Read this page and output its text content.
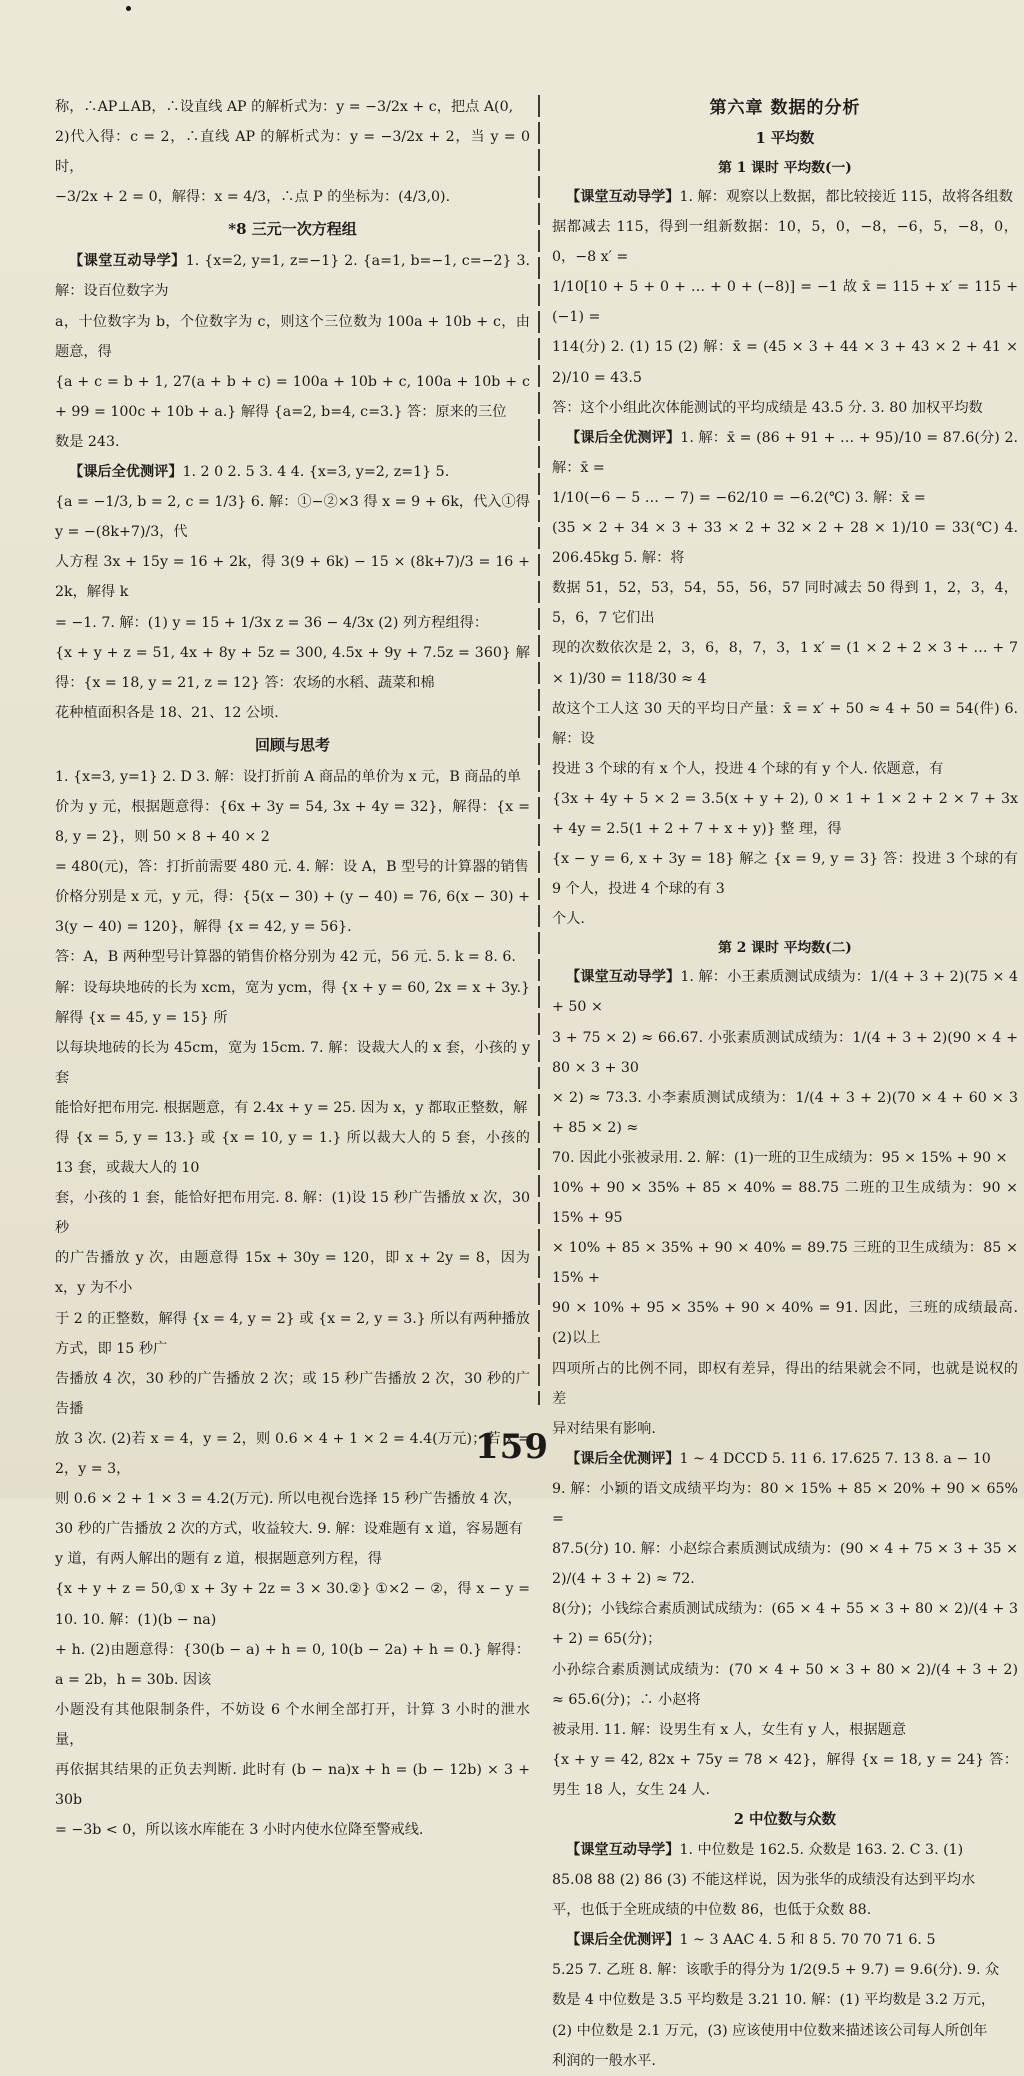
称，∴AP⊥AB，∴设直线 AP 的解析式为：y = −3/2x + c，把点 A(0,

2)代入得：c = 2，∴直线 AP 的解析式为：y = −3/2x + 2，当 y = 0 时，

−3/2x + 2 = 0，解得：x = 4/3，∴点 P 的坐标为：(4/3,0).

*8 三元一次方程组

【课堂互动导学】1. {x=2, y=1, z=−1} 2. {a=1, b=−1, c=−2} 3. 解：设百位数字为

a，十位数字为 b，个位数字为 c，则这个三位数为 100a + 10b + c，由题意，得

{a + c = b + 1, 27(a + b + c) = 100a + 10b + c, 100a + 10b + c + 99 = 100c + 10b + a.} 解得 {a=2, b=4, c=3.} 答：原来的三位

数是 243.

【课后全优测评】1. 2 0 2. 5 3. 4 4. {x=3, y=2, z=1} 5.

{a = −1/3, b = 2, c = 1/3} 6. 解：①−②×3 得 x = 9 + 6k，代入①得 y = −(8k+7)/3，代

人方程 3x + 15y = 16 + 2k，得 3(9 + 6k) − 15 × (8k+7)/3 = 16 + 2k，解得 k

= −1. 7. 解：(1) y = 15 + 1/3x z = 36 − 4/3x (2) 列方程组得：

{x + y + z = 51, 4x + 8y + 5z = 300, 4.5x + 9y + 7.5z = 360} 解得：{x = 18, y = 21, z = 12} 答：农场的水稻、蔬菜和棉

花种植面积各是 18、21、12 公顷.

回顾与思考

1. {x=3, y=1} 2. D 3. 解：设打折前 A 商品的单价为 x 元，B 商品的单

价为 y 元，根据题意得：{6x + 3y = 54, 3x + 4y = 32}，解得：{x = 8, y = 2}，则 50 × 8 + 40 × 2

= 480(元)，答：打折前需要 480 元. 4. 解：设 A，B 型号的计算器的销售

价格分别是 x 元，y 元，得：{5(x − 30) + (y − 40) = 76, 6(x − 30) + 3(y − 40) = 120}，解得 {x = 42, y = 56}.

答：A，B 两种型号计算器的销售价格分别为 42 元，56 元. 5. k = 8. 6.

解：设每块地砖的长为 xcm，宽为 ycm，得 {x + y = 60, 2x = x + 3y.} 解得 {x = 45, y = 15} 所

以每块地砖的长为 45cm，宽为 15cm. 7. 解：设裁大人的 x 套，小孩的 y 套

能恰好把布用完. 根据题意，有 2.4x + y = 25. 因为 x，y 都取正整数，解

得 {x = 5, y = 13.} 或 {x = 10, y = 1.} 所以裁大人的 5 套，小孩的 13 套，或裁大人的 10

套，小孩的 1 套，能恰好把布用完. 8. 解：(1)设 15 秒广告播放 x 次，30 秒

的广告播放 y 次，由题意得 15x + 30y = 120，即 x + 2y = 8，因为 x，y 为不小

于 2 的正整数，解得 {x = 4, y = 2} 或 {x = 2, y = 3.} 所以有两种播放方式，即 15 秒广

告播放 4 次，30 秒的广告播放 2 次；或 15 秒广告播放 2 次，30 秒的广告播

放 3 次. (2)若 x = 4，y = 2，则 0.6 × 4 + 1 × 2 = 4.4(万元)；若 x = 2，y = 3，

则 0.6 × 2 + 1 × 3 = 4.2(万元). 所以电视台选择 15 秒广告播放 4 次，

30 秒的广告播放 2 次的方式，收益较大. 9. 解：设难题有 x 道，容易题有

y 道，有两人解出的题有 z 道，根据题意列方程，得

{x + y + z = 50,① x + 3y + 2z = 3 × 30.②} ①×2 − ②，得 x − y = 10. 10. 解：(1)(b − na)

+ h. (2)由题意得：{30(b − a) + h = 0, 10(b − 2a) + h = 0.} 解得：a = 2b，h = 30b. 因该

小题没有其他限制条件，不妨设 6 个水闸全部打开，计算 3 小时的泄水量，

再依据其结果的正负去判断. 此时有 (b − na)x + h = (b − 12b) × 3 + 30b

= −3b < 0，所以该水库能在 3 小时内使水位降至警戒线.

第六章 数据的分析
1 平均数
第 1 课时 平均数(一)

【课堂互动导学】1. 解：观察以上数据，都比较接近 115，故将各组数

据都减去 115，得到一组新数据：10，5，0，−8，−6，5，−8，0，0，−8 x′ =

1/10[10 + 5 + 0 + … + 0 + (−8)] = −1 故 x̄ = 115 + x′ = 115 + (−1) =

114(分) 2. (1) 15 (2) 解：x̄ = (45 × 3 + 44 × 3 + 43 × 2 + 41 × 2)/10 = 43.5

答：这个小组此次体能测试的平均成绩是 43.5 分. 3. 80 加权平均数

【课后全优测评】1. 解：x̄ = (86 + 91 + … + 95)/10 = 87.6(分) 2. 解：x̄ =

1/10(−6 − 5 … − 7) = −62/10 = −6.2(℃) 3. 解：x̄ =

(35 × 2 + 34 × 3 + 33 × 2 + 32 × 2 + 28 × 1)/10 = 33(℃) 4. 206.45kg 5. 解：将

数据 51，52，53，54，55，56，57 同时减去 50 得到 1，2，3，4，5，6，7 它们出

现的次数依次是 2，3，6，8，7，3，1 x′ = (1 × 2 + 2 × 3 + … + 7 × 1)/30 = 118/30 ≈ 4

故这个工人这 30 天的平均日产量：x̄ = x′ + 50 ≈ 4 + 50 = 54(件) 6. 解：设

投进 3 个球的有 x 个人，投进 4 个球的有 y 个人. 依题意，有

{3x + 4y + 5 × 2 = 3.5(x + y + 2), 0 × 1 + 1 × 2 + 2 × 7 + 3x + 4y = 2.5(1 + 2 + 7 + x + y)} 整 理，得

{x − y = 6, x + 3y = 18} 解之 {x = 9, y = 3} 答：投进 3 个球的有 9 个人，投进 4 个球的有 3

个人.

第 2 课时 平均数(二)

【课堂互动导学】1. 解：小王素质测试成绩为：1/(4 + 3 + 2)(75 × 4 + 50 ×

3 + 75 × 2) ≈ 66.67. 小张素质测试成绩为：1/(4 + 3 + 2)(90 × 4 + 80 × 3 + 30

× 2) ≈ 73.3. 小李素质测试成绩为：1/(4 + 3 + 2)(70 × 4 + 60 × 3 + 85 × 2) ≈

70. 因此小张被录用. 2. 解：(1)一班的卫生成绩为：95 × 15% + 90 ×

10% + 90 × 35% + 85 × 40% = 88.75 二班的卫生成绩为：90 × 15% + 95

× 10% + 85 × 35% + 90 × 40% = 89.75 三班的卫生成绩为：85 × 15% +

90 × 10% + 95 × 35% + 90 × 40% = 91. 因此，三班的成绩最高. (2)以上

四项所占的比例不同，即权有差异，得出的结果就会不同，也就是说权的差

异对结果有影响.

【课后全优测评】1 ~ 4 DCCD 5. 11 6. 17.625 7. 13 8. a − 10

9. 解：小颖的语文成绩平均为：80 × 15% + 85 × 20% + 90 × 65% =

87.5(分) 10. 解：小赵综合素质测试成绩为：(90 × 4 + 75 × 3 + 35 × 2)/(4 + 3 + 2) ≈ 72.

8(分)；小钱综合素质测试成绩为：(65 × 4 + 55 × 3 + 80 × 2)/(4 + 3 + 2) = 65(分)；

小孙综合素质测试成绩为：(70 × 4 + 50 × 3 + 80 × 2)/(4 + 3 + 2) ≈ 65.6(分)；∴ 小赵将

被录用. 11. 解：设男生有 x 人，女生有 y 人，根据题意

{x + y = 42, 82x + 75y = 78 × 42}，解得 {x = 18, y = 24} 答：男生 18 人，女生 24 人.

2 中位数与众数

【课堂互动导学】1. 中位数是 162.5. 众数是 163. 2. C 3. (1)

85.08 88 (2) 86 (3) 不能这样说，因为张华的成绩没有达到平均水

平，也低于全班成绩的中位数 86，也低于众数 88.

【课后全优测评】1 ~ 3 AAC 4. 5 和 8 5. 70 70 71 6. 5

5.25 7. 乙班 8. 解：该歌手的得分为 1/2(9.5 + 9.7) = 9.6(分). 9. 众

数是 4 中位数是 3.5 平均数是 3.21 10. 解：(1) 平均数是 3.2 万元，

(2) 中位数是 2.1 万元，(3) 应该使用中位数来描述该公司每人所创年

利润的一般水平.

159
